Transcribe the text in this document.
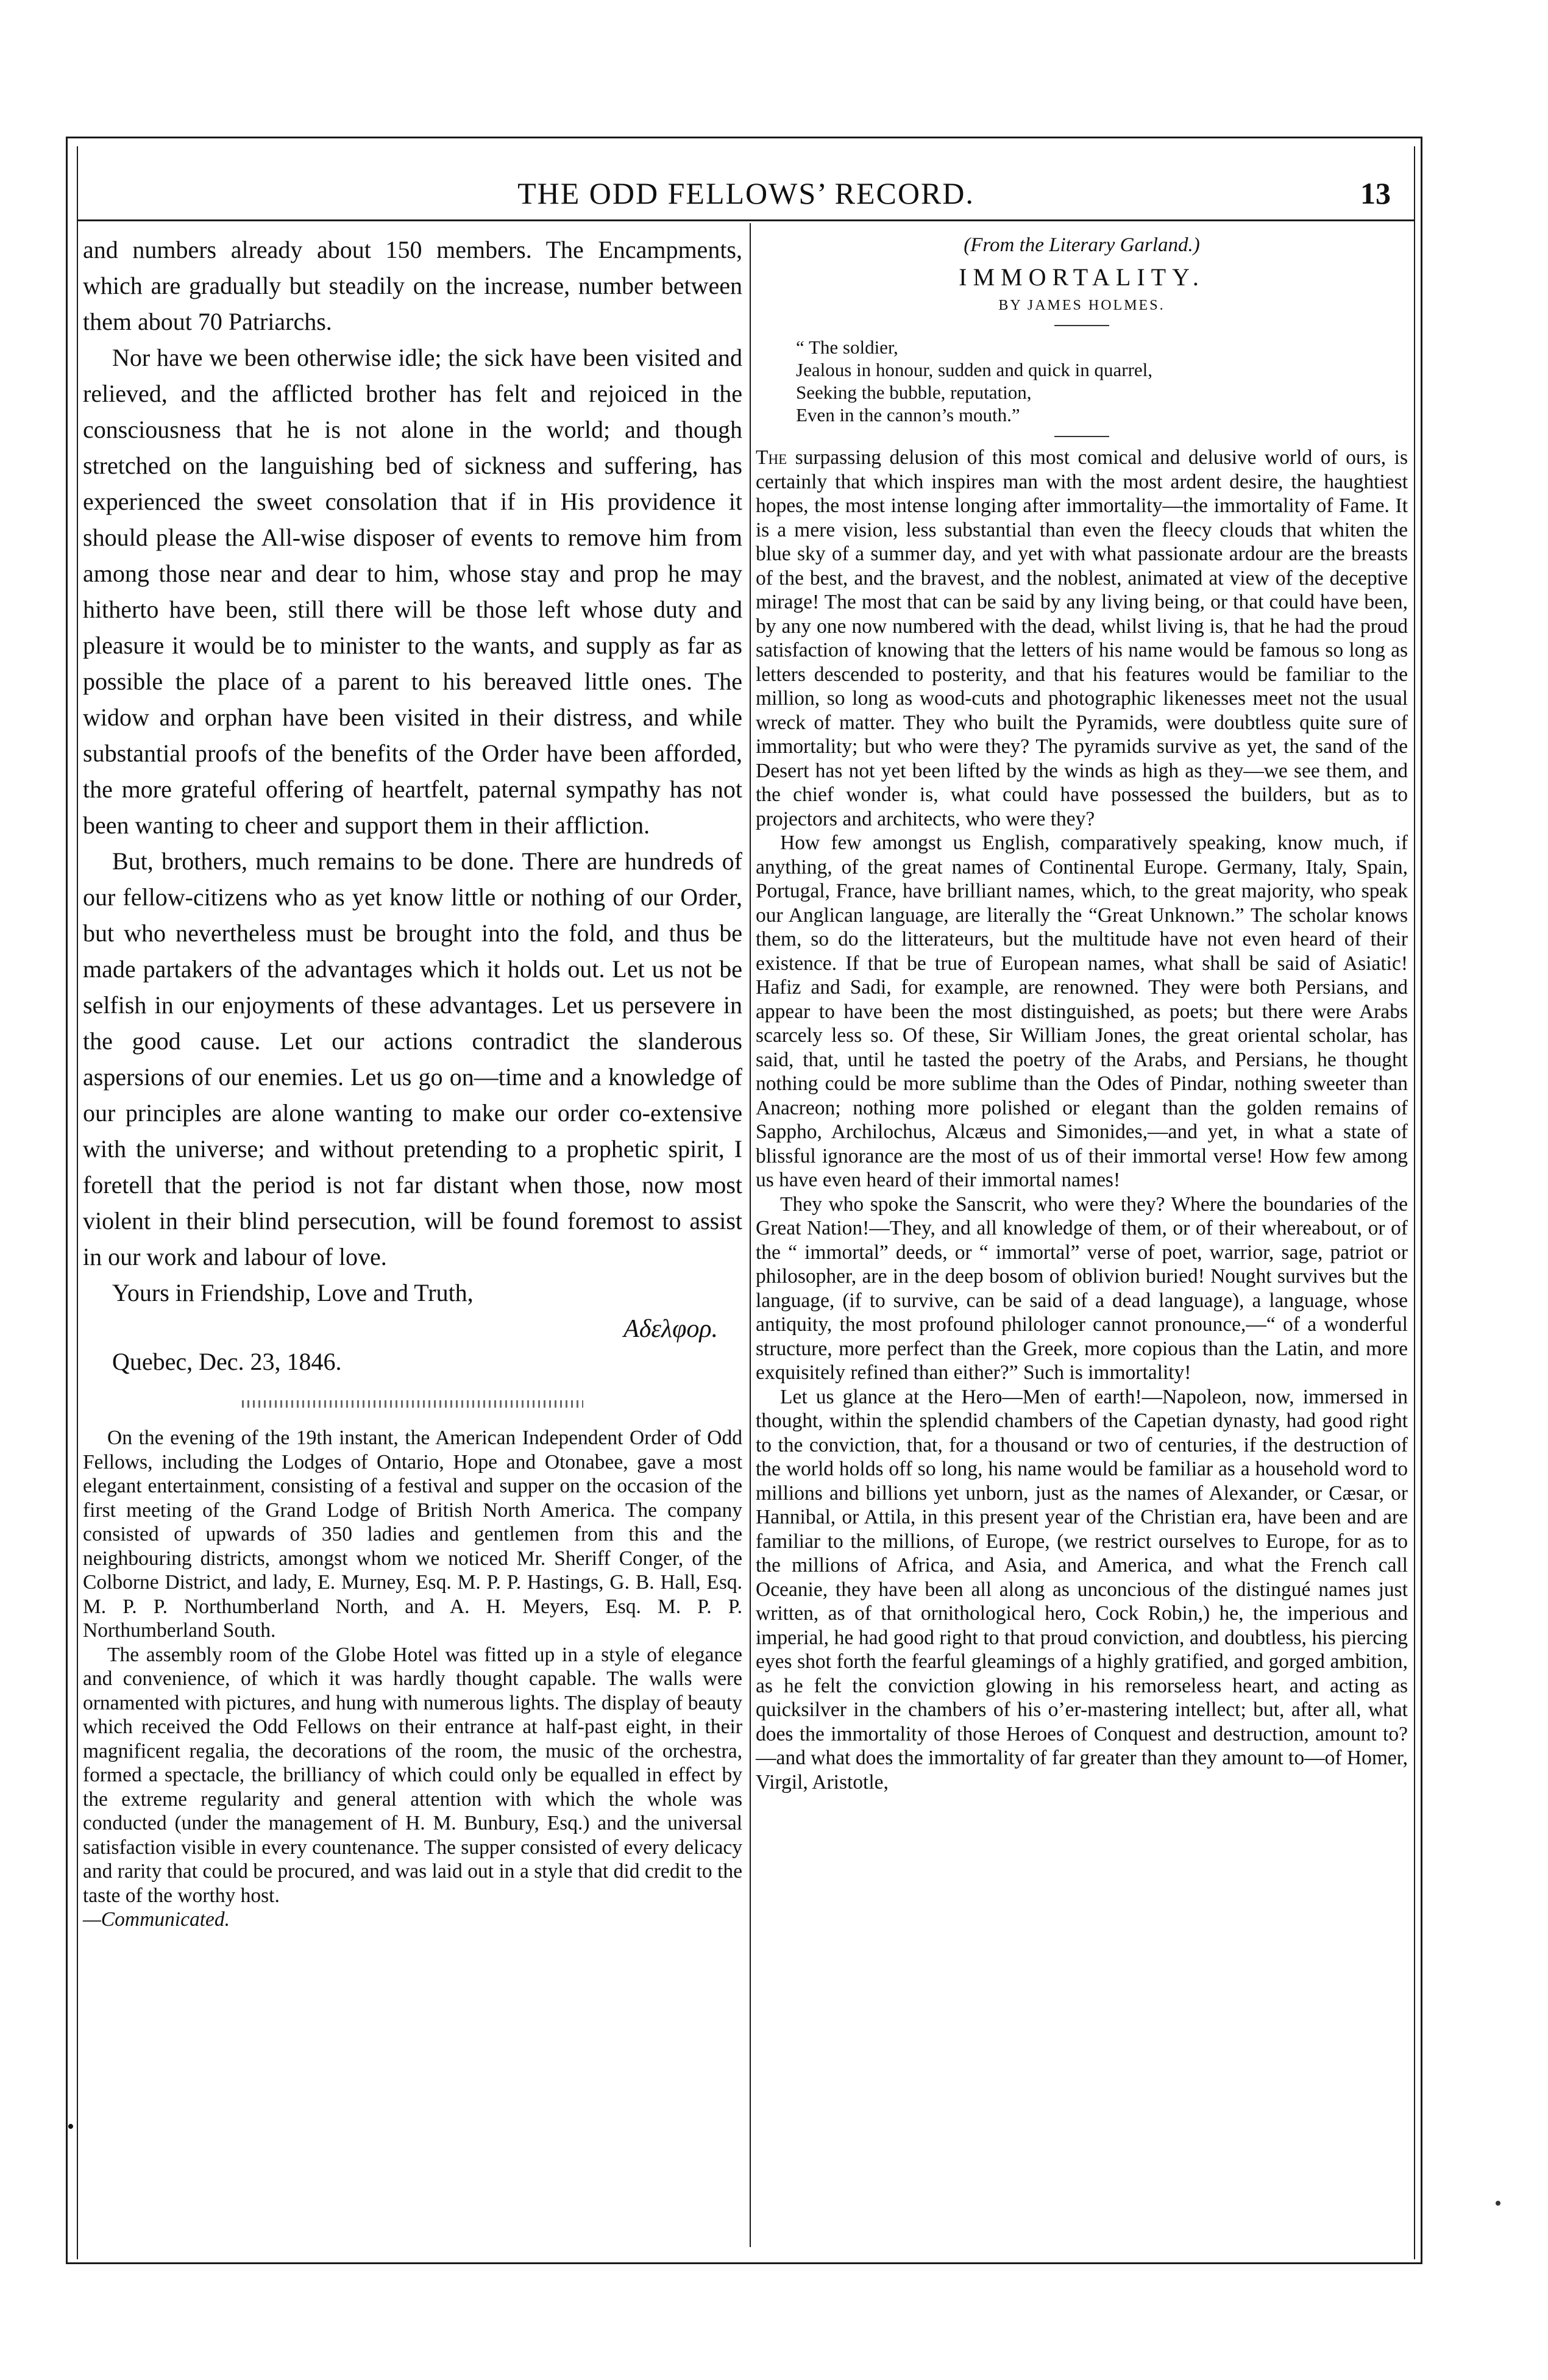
THE ODD FELLOWS’ RECORD.	13

and numbers already about 150 members. The Encampments, which are gradually but steadily on the increase, number between them about 70 Patriarchs.

Nor have we been otherwise idle; the sick have been visited and relieved, and the afflicted brother has felt and rejoiced in the consciousness that he is not alone in the world; and though stretched on the languishing bed of sickness and suffering, has experienced the sweet consolation that if in His providence it should please the All-wise disposer of events to remove him from among those near and dear to him, whose stay and prop he may hitherto have been, still there will be those left whose duty and pleasure it would be to minister to the wants, and supply as far as possible the place of a parent to his bereaved little ones. The widow and orphan have been visited in their distress, and while substantial proofs of the benefits of the Order have been afforded, the more grateful offering of heartfelt, paternal sympathy has not been wanting to cheer and support them in their affliction.

But, brothers, much remains to be done. There are hundreds of our fellow-citizens who as yet know little or nothing of our Order, but who nevertheless must be brought into the fold, and thus be made partakers of the advantages which it holds out. Let us not be selfish in our enjoyments of these advantages. Let us persevere in the good cause. Let our actions contradict the slanderous aspersions of our enemies. Let us go on—time and a knowledge of our principles are alone wanting to make our order co-extensive with the universe; and without pretending to a prophetic spirit, I foretell that the period is not far distant when those, now most violent in their blind persecution, will be found foremost to assist in our work and labour of love.

Yours in Friendship, Love and Truth,
Αδελφορ.
Quebec, Dec. 23, 1846.

On the evening of the 19th instant, the American Independent Order of Odd Fellows, including the Lodges of Ontario, Hope and Otonabee, gave a most elegant entertainment, consisting of a festival and supper on the occasion of the first meeting of the Grand Lodge of British North America. The company consisted of upwards of 350 ladies and gentlemen from this and the neighbouring districts, amongst whom we noticed Mr. Sheriff Conger, of the Colborne District, and lady, E. Murney, Esq. M. P. P. Hastings, G. B. Hall, Esq. M. P. P. Northumberland North, and A. H. Meyers, Esq. M. P. P. Northumberland South.

The assembly room of the Globe Hotel was fitted up in a style of elegance and convenience, of which it was hardly thought capable. The walls were ornamented with pictures, and hung with numerous lights. The display of beauty which received the Odd Fellows on their entrance at half-past eight, in their magnificent regalia, the decorations of the room, the music of the orchestra, formed a spectacle, the brilliancy of which could only be equalled in effect by the extreme regularity and general attention with which the whole was conducted (under the management of H. M. Bunbury, Esq.) and the universal satisfaction visible in every countenance. The supper consisted of every delicacy and rarity that could be procured, and was laid out in a style that did credit to the taste of the worthy host.

—Communicated.

(From the Literary Garland.)
IMMORTALITY.
BY JAMES HOLMES.
“ The soldier,
Jealous in honour, sudden and quick in quarrel,
Seeking the bubble, reputation,
Even in the cannon’s mouth.”

The surpassing delusion of this most comical and delusive world of ours, is certainly that which inspires man with the most ardent desire, the haughtiest hopes, the most intense longing after immortality—the immortality of Fame. It is a mere vision, less substantial than even the fleecy clouds that whiten the blue sky of a summer day, and yet with what passionate ardour are the breasts of the best, and the bravest, and the noblest, animated at view of the deceptive mirage! The most that can be said by any living being, or that could have been, by any one now numbered with the dead, whilst living is, that he had the proud satisfaction of knowing that the letters of his name would be famous so long as letters descended to posterity, and that his features would be familiar to the million, so long as wood-cuts and photographic likenesses meet not the usual wreck of matter. They who built the Pyramids, were doubtless quite sure of immortality; but who were they? The pyramids survive as yet, the sand of the Desert has not yet been lifted by the winds as high as they—we see them, and the chief wonder is, what could have possessed the builders, but as to projectors and architects, who were they?

How few amongst us English, comparatively speaking, know much, if anything, of the great names of Continental Europe. Germany, Italy, Spain, Portugal, France, have brilliant names, which, to the great majority, who speak our Anglican language, are literally the “Great Unknown.” The scholar knows them, so do the litterateurs, but the multitude have not even heard of their existence. If that be true of European names, what shall be said of Asiatic! Hafiz and Sadi, for example, are renowned. They were both Persians, and appear to have been the most distinguished, as poets; but there were Arabs scarcely less so. Of these, Sir William Jones, the great oriental scholar, has said, that, until he tasted the poetry of the Arabs, and Persians, he thought nothing could be more sublime than the Odes of Pindar, nothing sweeter than Anacreon; nothing more polished or elegant than the golden remains of Sappho, Archilochus, Alcæus and Simonides,—and yet, in what a state of blissful ignorance are the most of us of their immortal verse! How few among us have even heard of their immortal names!

They who spoke the Sanscrit, who were they? Where the boundaries of the Great Nation!—They, and all knowledge of them, or of their whereabout, or of the “ immortal” deeds, or “ immortal” verse of poet, warrior, sage, patriot or philosopher, are in the deep bosom of oblivion buried! Nought survives but the language, (if to survive, can be said of a dead language), a language, whose antiquity, the most profound philologer cannot pronounce,—“ of a wonderful structure, more perfect than the Greek, more copious than the Latin, and more exquisitely refined than either?” Such is immortality!

Let us glance at the Hero—Men of earth!—Napoleon, now, immersed in thought, within the splendid chambers of the Capetian dynasty, had good right to the conviction, that, for a thousand or two of centuries, if the destruction of the world holds off so long, his name would be familiar as a household word to millions and billions yet unborn, just as the names of Alexander, or Cæsar, or Hannibal, or Attila, in this present year of the Christian era, have been and are familiar to the millions, of Europe, (we restrict ourselves to Europe, for as to the millions of Africa, and Asia, and America, and what the French call Oceanie, they have been all along as unconcious of the distingué names just written, as of that ornithological hero, Cock Robin,) he, the imperious and imperial, he had good right to that proud conviction, and doubtless, his piercing eyes shot forth the fearful gleamings of a highly gratified, and gorged ambition, as he felt the conviction glowing in his remorseless heart, and acting as quicksilver in the chambers of his o’er-mastering intellect; but, after all, what does the immortality of those Heroes of Conquest and destruction, amount to?—and what does the immortality of far greater than they amount to—of Homer, Virgil, Aristotle,

•
